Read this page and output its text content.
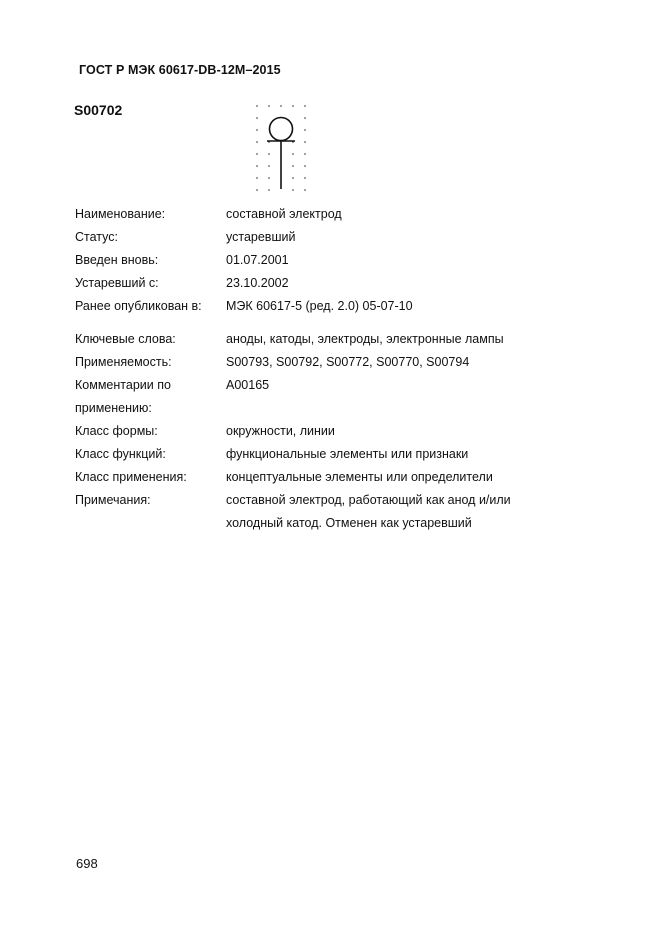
ГОСТ Р МЭК 60617-DB-12M–2015
S00702
Наименование:	составной электрод
Статус:	устаревший
Введен вновь:	01.07.2001
Устаревший с:	23.10.2002
Ранее опубликован в:	МЭК 60617-5 (ред. 2.0) 05-07-10
Ключевые слова:	аноды, катоды, электроды, электронные лампы
Применяемость:	S00793, S00792, S00772, S00770, S00794
Комментарии по	A00165
применению:
Класс формы:	окружности, линии
Класс функций:	функциональные элементы или признаки
Класс применения:	концептуальные элементы или определители
Примечания:	составной электрод, работающий как анод и/или
холодный катод. Отменен как устаревший
698
